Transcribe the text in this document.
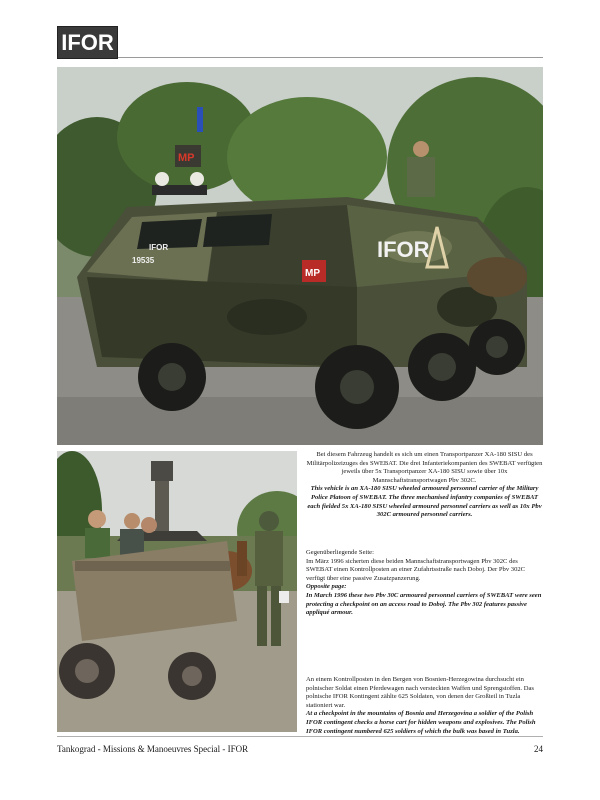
IFOR
MP
IFOR
IFOR
MP
19535

Bei diesem Fahrzeug handelt es sich um einen Transportpanzer XA-180 SISU des Militärpolizeizuges des SWEBAT. Die drei Infanteriekompanien des SWEBAT verfügten jeweils über 5x Transportpanzer XA-180 SISU sowie über 10x Mannschaftstransportwagen Pbv 302C.

This vehicle is an XA-180 SISU wheeled armoured personnel carrier of the Military Police Platoon of SWEBAT. The three mechanised infantry companies of SWEBAT each fielded 5x XA-180 SISU wheeled armoured personnel carriers as well as 10x Pbv 302C armoured personnel carriers.

Gegenüberliegende Seite:

Im März 1996 sicherten diese beiden Mannschaftstransportwagen Pbv 302C des SWEBAT einen Kontrollposten an einer Zufahrtsstraße nach Doboj. Der Pbv 302C verfügt über eine passive Zusatzpanzerung.

Opposite page:

In March 1996 these two Pbv 30C armoured personnel carriers of SWEBAT were seen protecting a checkpoint on an access road to Doboj. The Pbv 302 features passive appliqué armour.

An einem Kontrollposten in den Bergen von Bosnien-Herzegowina durchsucht ein polnischer Soldat einen Pferdewagen nach versteckten Waffen und Sprengstoffen. Das polnische IFOR Kontingent zählte 625 Soldaten, von denen der Großteil in Tuzla stationiert war.

At a checkpoint in the mountains of Bosnia and Herzegovina a soldier of the Polish IFOR contingent checks a horse cart for hidden weapons and explosives. The Polish IFOR contingent numbered 625 soldiers of which the bulk was based in Tuzla.

Tankograd - Missions & Manoeuvres Special - IFOR	24
